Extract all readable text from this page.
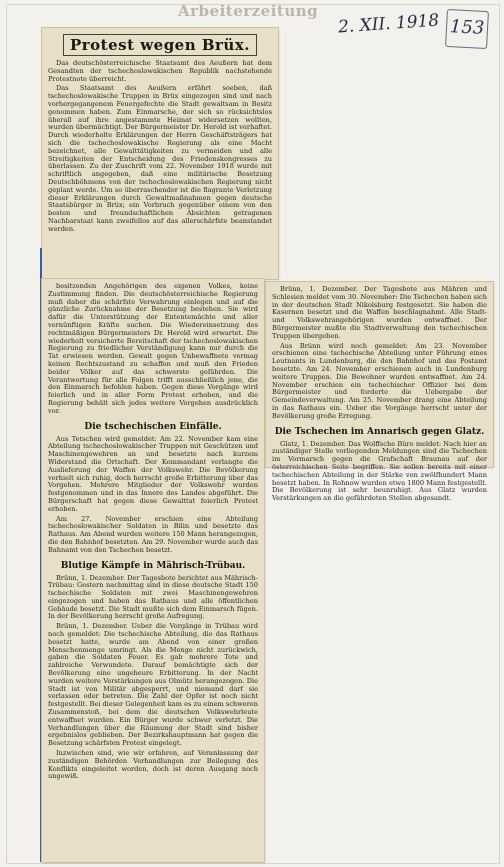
Arbeiterzeitung 2. XII. 1918 153
Protest wegen Brüx.

Das deutschösterreichische Staatsamt des Aeußern hat dem Gesandten der tschechoslowakischen Republik nachstehende Protestnote überreicht.

Das Staatsamt des Aeußern erfährt soeben, daß tschechoslowakische Truppen in Brüx eingezogen sind und nach vorhergegangenem Feuergefechte die Stadt gewaltsam in Besitz genommen haben. Zum Einmarsche, der sich so rücksichtslos überall auf ihre angestammte Heimat widersetzen wollten, wurden übermächtigt. Der Bürgermeister Dr. Herold ist verhaftet. Durch wiederholte Erklärungen der Herrn Geschäftsträgers hat sich die tschechoslowakische Regierung als eine Macht bezeichnet, alle Gewalttätigkeiten zu vermeiden und alle Streitigkeiten der Entscheidung des Friedenskongresses zu überlassen. Zu der Zuschrift vom 22. November 1918 wurde mit schriftlich angegeben, daß eine militärische Besetzung Deutschböhmens von der tschechoslowakischen Regierung nicht geplant werde. Um so überraschender ist die flagrante Verletzung dieser Erklärungen durch Gewaltmaßnahmen gegen deutsche Staatsbürger in Brüx; ein Vorbruch gegenüber einem von den besten und freundschaftlichen Absichten getragenen Nachbarstaat kann zweifellos auf das allerschärfste beanstandet werden.

besitzenden Angehörigen des eigenen Volkes, keine Zustimmung finden. Die deutschösterreichische Regierung muß daher die schärfste Verwahrung einlegen und auf die gänzliche Zurücknahme der Besetzung bestehen. Sie wird dafür die Unterstützung der Ententemächte und aller vernünftigen Kräfte suchen. Die Wiedereinsetzung des rechtmäßigen Bürgermeisters Dr. Herold wird erwartet. Die wiederholt versicherte Bereitschaft der tschechoslowakischen Regierung zu friedlicher Verständigung kann nur durch die Tat erwiesen werden. Gewalt gegen Unbewaffnete vermag keinen Rechtszustand zu schaffen und muß den Frieden beider Völker auf das schwerste gefährden. Die Verantwortung für alle Folgen trifft ausschließlich jene, die den Einmarsch befohlen haben. Gegen diese Vorgänge wird feierlich und in aller Form Protest erhoben, und die Regierung behält sich jedes weitere Vorgehen ausdrücklich vor.

Die tschechischen Einfälle.

Aus Tetschen wird gemeldet: Am 22. November kam eine Abteilung tschechoslowakischer Truppen mit Geschützen und Maschinengewehren an und besetzte nach kurzem Widerstand die Ortschaft. Der Kommandant verlangte die Auslieferung der Waffen der Volkswehr. Die Bevölkerung verhielt sich ruhig, doch herrscht große Erbitterung über das Vorgehen. Mehrere Mitglieder der Volkswehr wurden festgenommen und in das Innere des Landes abgeführt. Die Bürgerschaft hat gegen diese Gewalttat feierlich Protest erhoben.

Am 27. November erschien eine Abteilung tschechoslowakischer Soldaten in Bilin und besetzte das Rathaus. Am Abend wurden weitere 150 Mann herangezogen, die den Bahnhof besetzten. Am 29. November wurde auch das Bahnamt von den Tschechen besetzt.

Blutige Kämpfe in Mährisch-Trübau.

Brünn, 1. Dezember. Der Tagesbote berichtet aus Mährisch-Trübau: Gestern nachmittag sind in diese deutsche Stadt 150 tschechische Soldaten mit zwei Maschinengewehren eingezogen und haben das Rathaus und alle öffentlichen Gebäude besetzt. Die Stadt mußte sich dem Einmarsch fügen. In der Bevölkerung herrscht große Aufregung.

Brünn, 1. Dezember. Ueber die Vorgänge in Trübau wird noch gemeldet: Die tschechische Abteilung, die das Rathaus besetzt hatte, wurde am Abend von einer großen Menschenmenge umringt. Als die Menge nicht zurückwich, gaben die Soldaten Feuer. Es gab mehrere Tote und zahlreiche Verwundete. Darauf bemächtigte sich der Bevölkerung eine ungeheure Erbitterung. In der Nacht wurden weitere Verstärkungen aus Olmütz herangezogen. Die Stadt ist von Militär abgesperrt, und niemand darf sie verlassen oder betreten. Die Zahl der Opfer ist noch nicht festgestellt. Bei dieser Gelegenheit kam es zu einem schweren Zusammenstoß, bei dem die deutschen Volkswehrleute entwaffnet wurden. Ein Bürger wurde schwer verletzt. Die Verhandlungen über die Räumung der Stadt sind bisher ergebnislos geblieben. Der Bezirkshauptmann hat gegen die Besetzung schärfsten Protest eingelegt.

Inzwischen sind, wie wir erfahren, auf Veranlassung der zuständigen Behörden Verhandlungen zur Beilegung des Konflikts eingeleitet worden, doch ist deren Ausgang noch ungewiß.

Brünn, 1. Dezember. Der Tagesbote aus Mähren und Schlesien meldet vom 30. November: Die Tschechen haben sich in der deutschen Stadt Nikolsburg festgesetzt. Sie haben die Kasernen besetzt und die Waffen beschlagnahmt. Alle Stadt- und Volkswehrangehörigen wurden entwaffnet. Der Bürgermeister mußte die Stadtverwaltung den tschechischen Truppen übergeben.

Aus Brünn wird noch gemeldet: Am 23. November erschienen eine tschechische Abteilung unter Führung eines Leutnants in Lundenburg, die den Bahnhof und das Postamt besetzte. Am 24. November erschienen auch in Lundenburg weitere Truppen. Die Bewohner wurden entwaffnet. Am 24. November erschien ein tschechischer Offizier bei dem Bürgermeister und forderte die Uebergabe der Gemeindeverwaltung. Am 25. November drang eine Abteilung in das Rathaus ein. Ueber die Vorgänge herrscht unter der Bevölkerung große Erregung.

Die Tschechen im Annarisch gegen Glatz.

Glatz, 1. Dezember. Das Wolffsche Büro meldet: Nach hier an zuständiger Stelle vorliegenden Meldungen sind die Tschechen im Vormarsch gegen die Grafschaft Braunau auf der österreichischen Seite begriffen. Sie sollen bereits mit einer tschechischen Abteilung in der Stärke von zwölfhundert Mann besetzt haben. In Rohnow wurden etwa 1800 Mann festgestellt. Die Bevölkerung ist sehr beunruhigt. Aus Glatz wurden Verstärkungen an die gefährdeten Stellen abgesandt.
